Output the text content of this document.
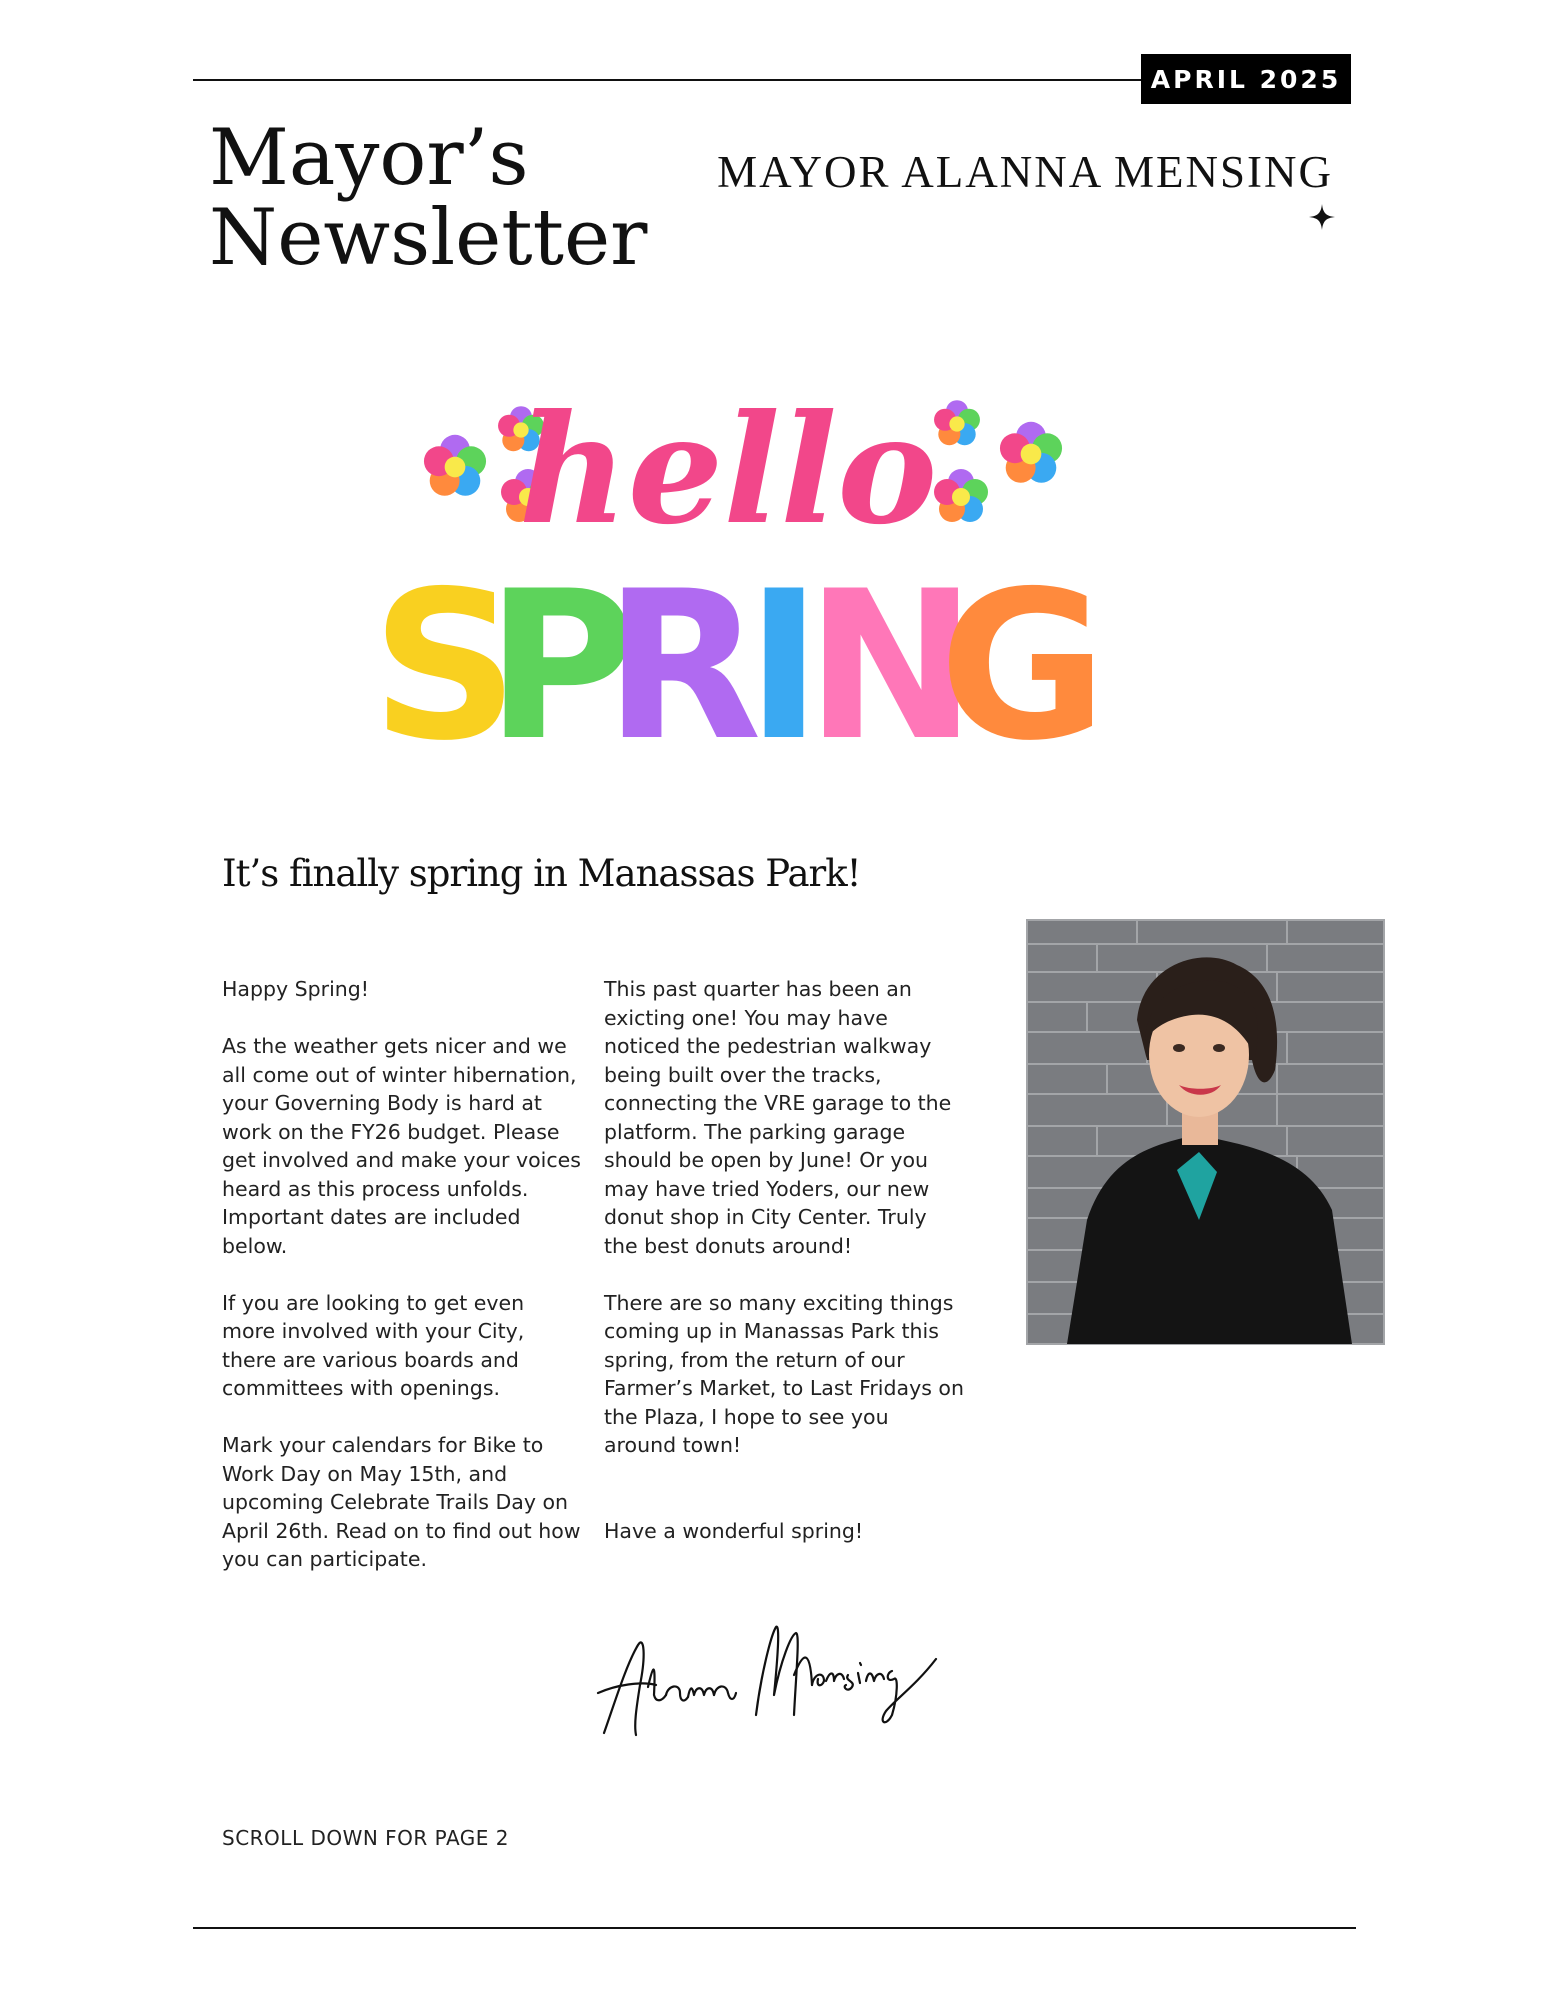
APRIL 2025
Mayor’s
Newsletter
MAYOR ALANNA MENSING
hello
S
P
R
I
N
G
It’s finally spring in Manassas Park!

Happy Spring!

As the weather gets nicer and we all come out of winter hibernation, your Governing Body is hard at work on the FY26 budget. Please get involved and make your voices heard as this process unfolds. Important dates are included below.

If you are looking to get even more involved with your City, there are various boards and committees with openings.

Mark your calendars for Bike to Work Day on May 15th, and upcoming Celebrate Trails Day on April 26th. Read on to find out how you can participate.

This past quarter has been an exicting one! You may have noticed the pedestrian walkway being built over the tracks, connecting the VRE garage to the platform. The parking garage should be open by June! Or you may have tried Yoders, our new donut shop in City Center. Truly the best donuts around!

There are so many exciting things coming up in Manassas Park this spring, from the return of our Farmer’s Market, to Last Fridays on the Plaza, I hope to see you around town!

Have a wonderful spring!

SCROLL DOWN FOR PAGE 2
